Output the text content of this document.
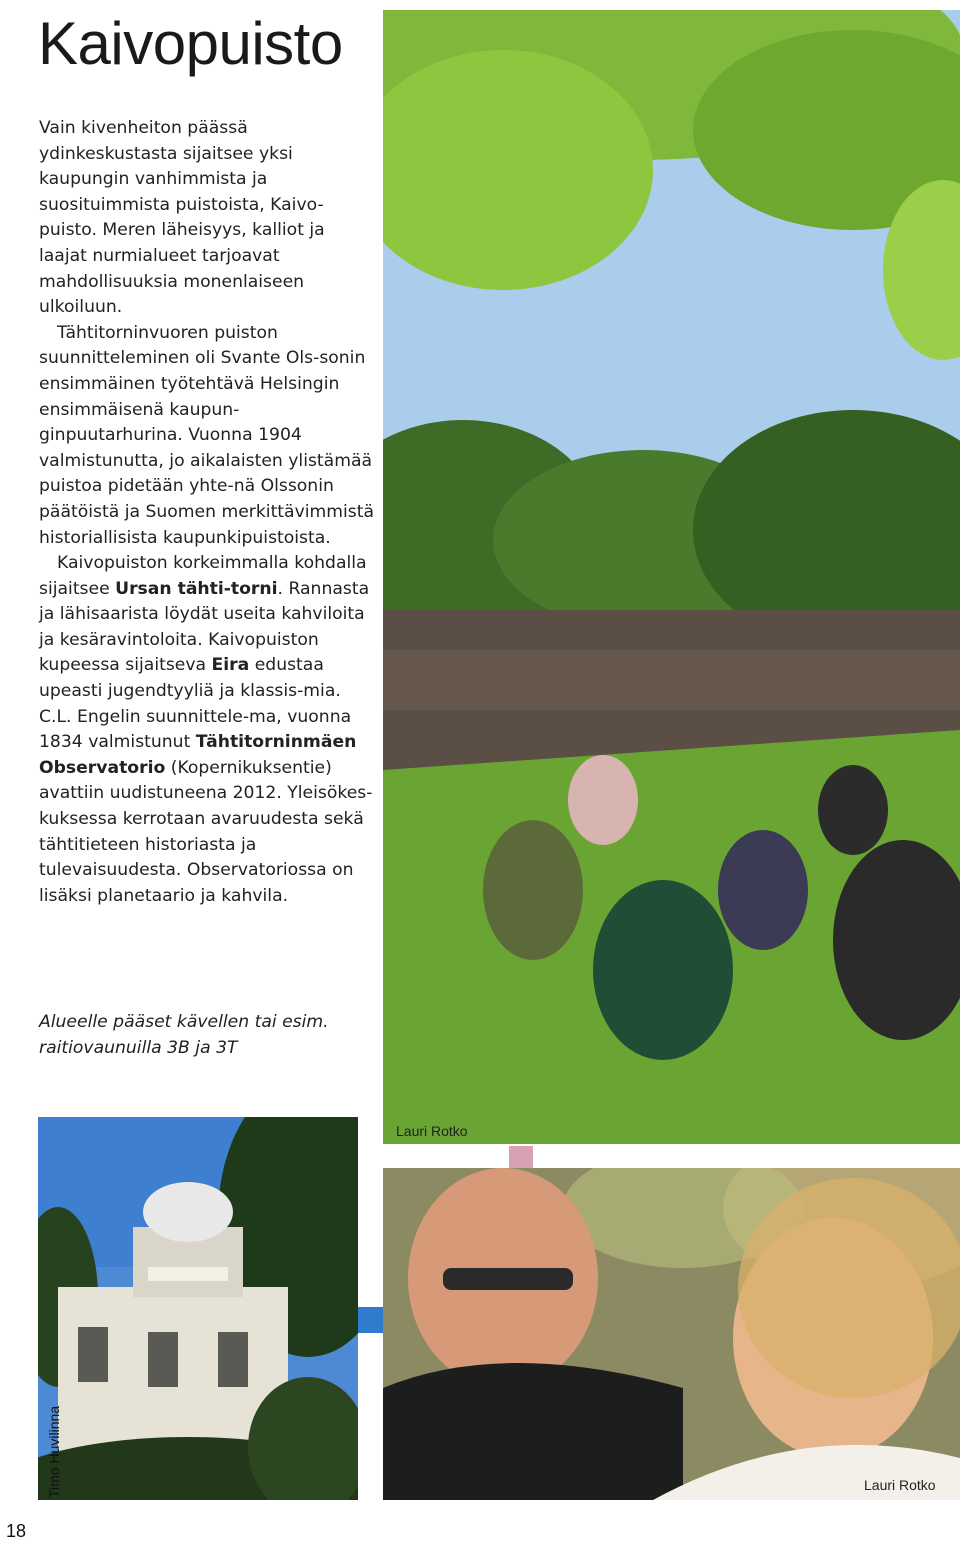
Kaivopuisto

Vain kivenheiton päässä ydinkeskustasta sijaitsee yksi kaupungin vanhimmista ja suosituimmista puistoista, Kaivo-puisto. Meren läheisyys, kalliot ja laajat nurmialueet tarjoavat mahdollisuuksia monenlaiseen ulkoiluun.

Tähtitorninvuoren puiston suunnitteleminen oli Svante Ols-sonin ensimmäinen työtehtävä Helsingin ensimmäisenä kaupun-ginpuutarhurina. Vuonna 1904 valmistunutta, jo aikalaisten ylistämää puistoa pidetään yhte-nä Olssonin päätöistä ja Suomen merkittävimmistä historiallisista kaupunkipuistoista.

Kaivopuiston korkeimmalla kohdalla sijaitsee Ursan tähti-torni. Rannasta ja lähisaarista löydät useita kahviloita ja kesäravintoloita. Kaivopuiston kupeessa sijaitseva Eira edustaa upeasti jugendtyyliä ja klassis-mia. C.L. Engelin suunnittele-ma, vuonna 1834 valmistunut Tähtitorninmäen Observatorio (Kopernikuksentie) avattiin uudistuneena 2012. Yleisökes-kuksessa kerrotaan avaruudesta sekä tähtitieteen historiasta ja tulevaisuudesta. Observatoriossa on lisäksi planetaario ja kahvila.

Alueelle pääset kävellen tai esim. raitiovaunuilla 3B ja 3T

Lauri Rotko
Timo Huvilinna	Lauri Rotko
18
